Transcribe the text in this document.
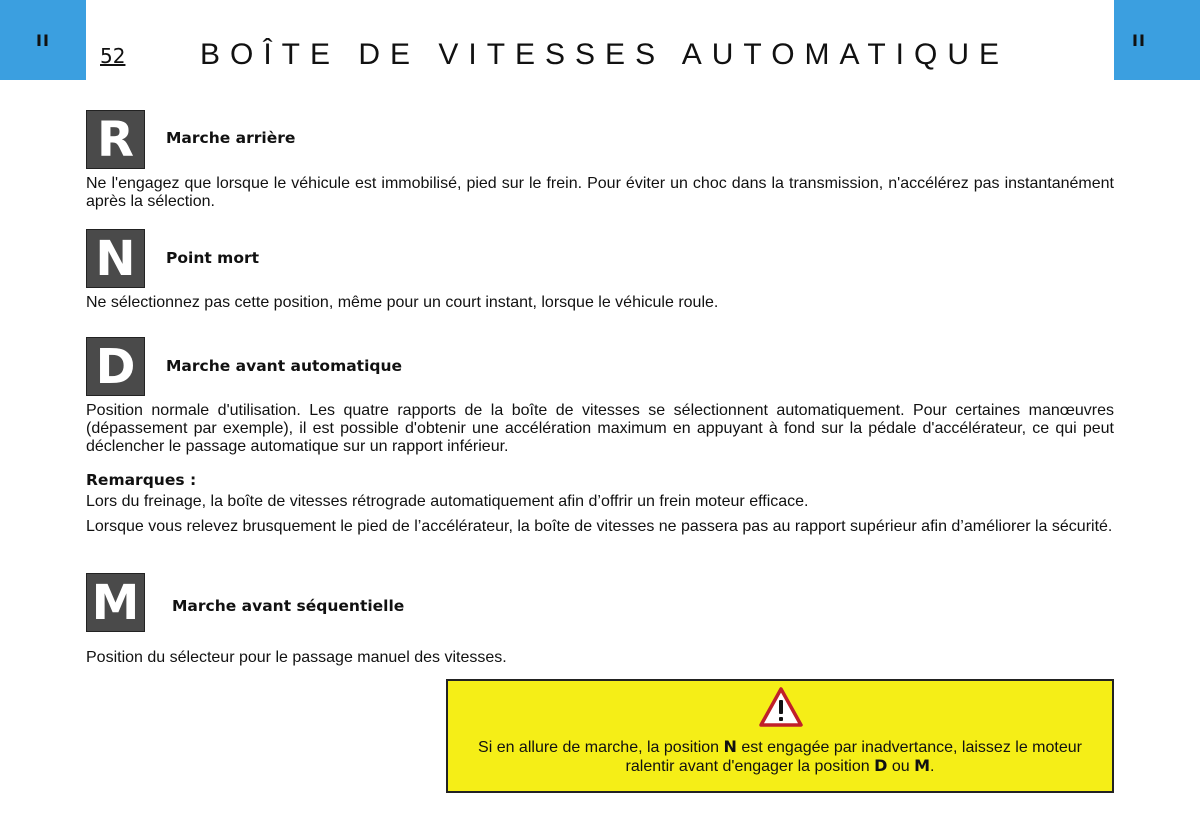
II	II
52 BOÎTE DE VITESSES AUTOMATIQUE
R	Marche arrière

Ne l'engagez que lorsque le véhicule est immobilisé, pied sur le frein. Pour éviter un choc dans la transmission, n'accélérez pas instantanément après la sélection.

N	Point mort

Ne sélectionnez pas cette position, même pour un court instant, lorsque le véhicule roule.

D	Marche avant automatique

Position normale d'utilisation. Les quatre rapports de la boîte de vitesses se sélectionnent automatiquement. Pour certaines manœuvres (dépassement par exemple), il est possible d'obtenir une accélération maximum en appuyant à fond sur la pédale d'accélérateur, ce qui peut déclencher le passage automatique sur un rapport inférieur.

Remarques :

Lors du freinage, la boîte de vitesses rétrograde automatiquement afin d’offrir un frein moteur efficace.

Lorsque vous relevez brusquement le pied de l’accélérateur, la boîte de vitesses ne passera pas au rapport supérieur afin d’améliorer la sécurité.

M	Marche avant séquentielle

Position du sélecteur pour le passage manuel des vitesses.

Si en allure de marche, la position N est engagée par inadvertance, laissez le moteur ralentir avant d'engager la position D ou M.
